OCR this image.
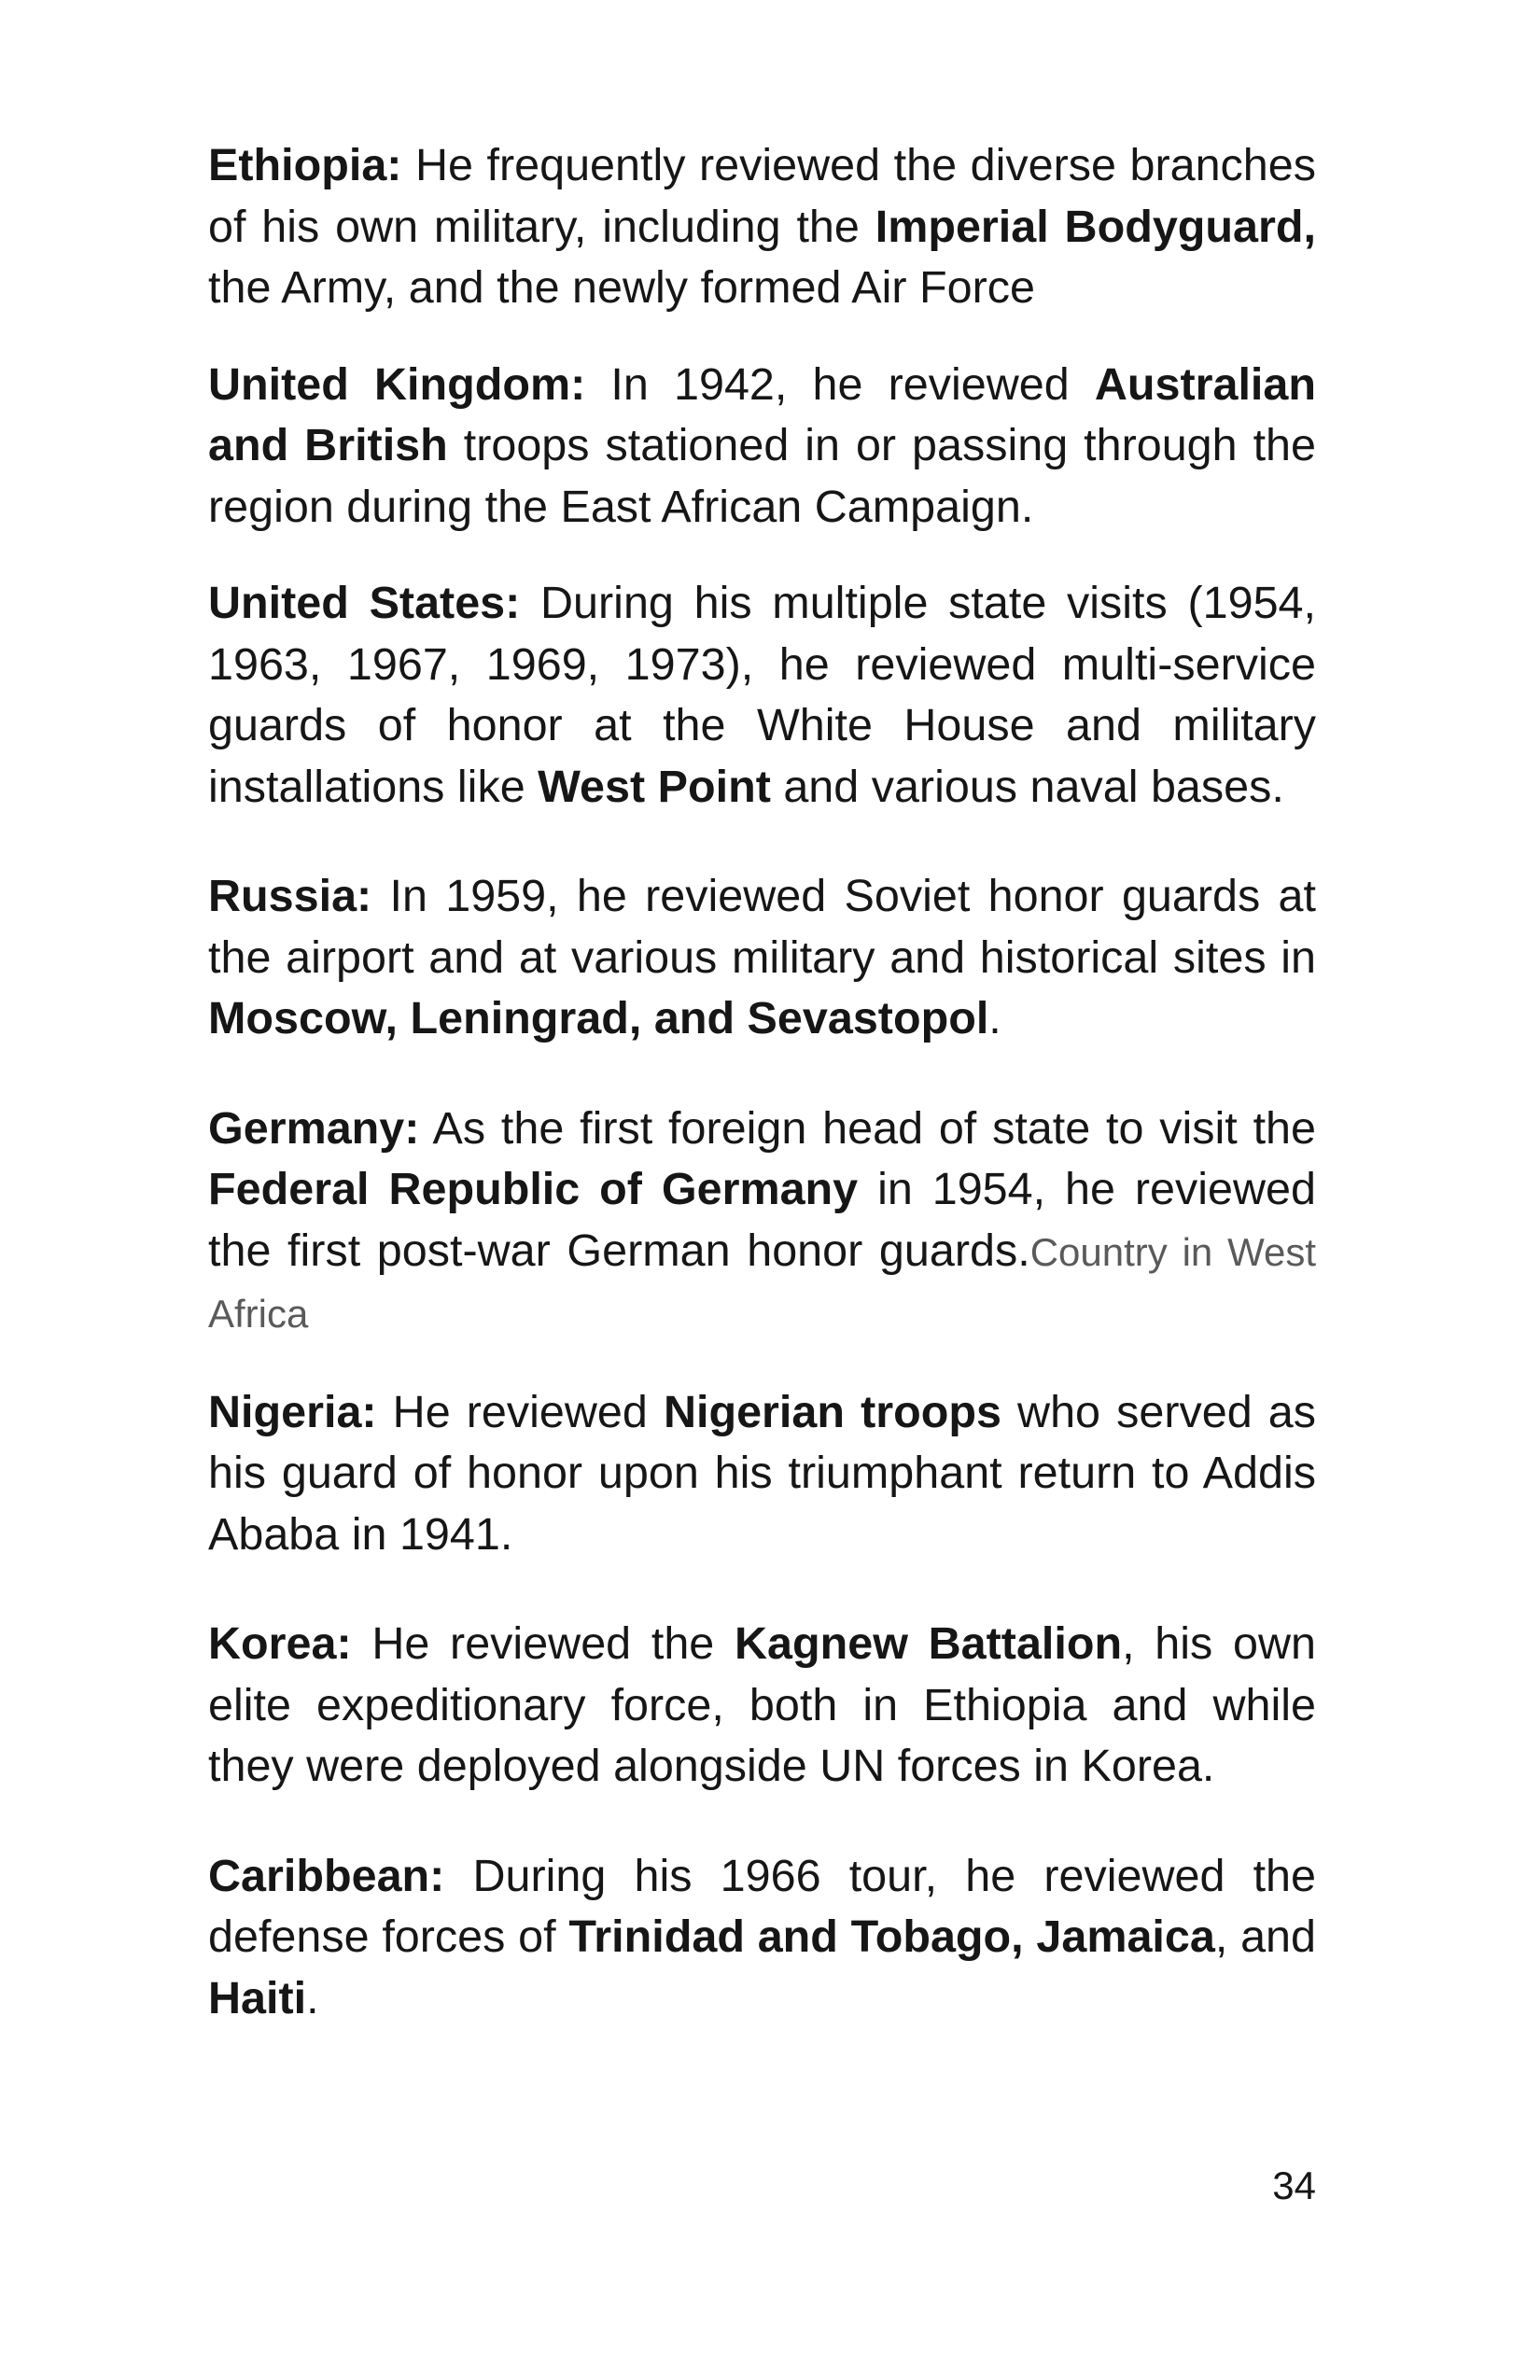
Ethiopia: He frequently reviewed the diverse branches of his own military, including the Imperial Bodyguard, the Army, and the newly formed Air Force

United Kingdom: In 1942, he reviewed Australian and British troops stationed in or passing through the region during the East African Campaign.

United States: During his multiple state visits (1954, 1963, 1967, 1969, 1973), he reviewed multi-service guards of honor at the White House and military installations like West Point and various naval bases.

Russia: In 1959, he reviewed Soviet honor guards at the airport and at various military and historical sites in Moscow, Leningrad, and Sevastopol.

Germany: As the first foreign head of state to visit the Federal Republic of Germany in 1954, he reviewed the first post-war German honor guards.Country in West Africa

Nigeria: He reviewed Nigerian troops who served as his guard of honor upon his triumphant return to Addis Ababa in 1941.

Korea: He reviewed the Kagnew Battalion, his own elite expeditionary force, both in Ethiopia and while they were deployed alongside UN forces in Korea.

Caribbean: During his 1966 tour, he reviewed the defense forces of Trinidad and Tobago, Jamaica, and Haiti.

34
